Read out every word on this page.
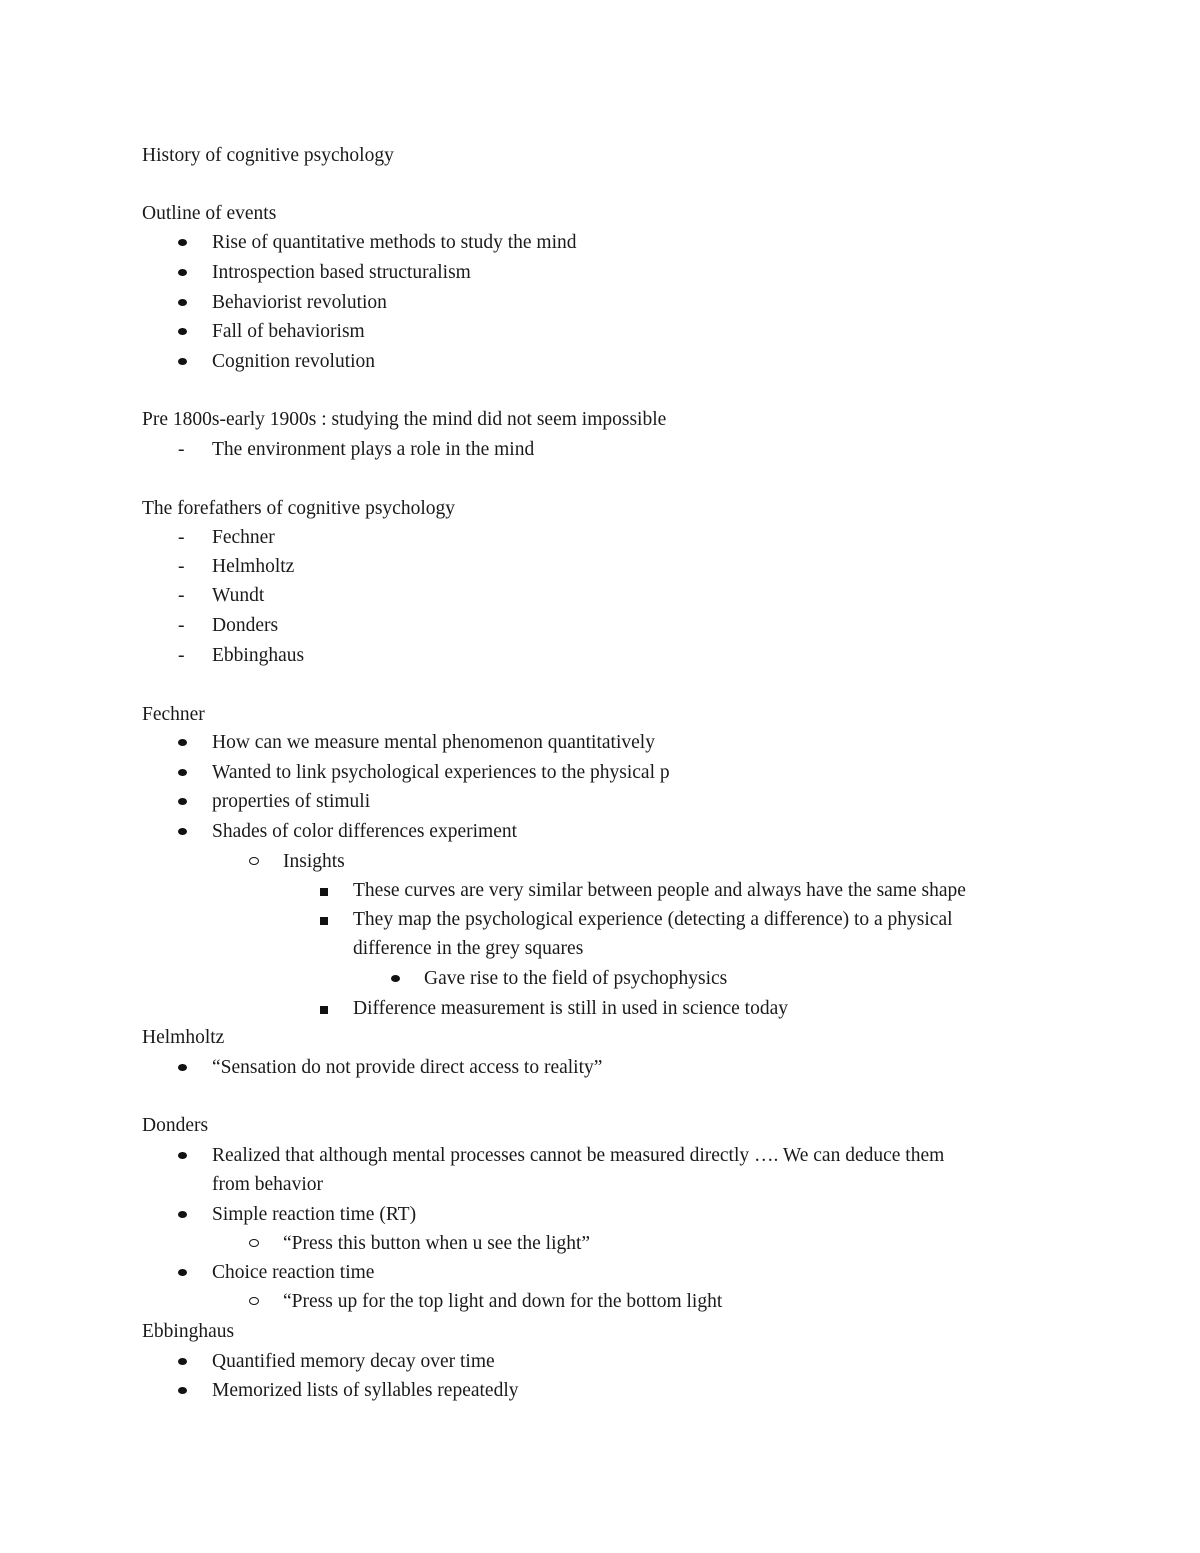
History of cognitive psychology
Outline of events
Rise of quantitative methods to study the mind
Introspection based structuralism
Behaviorist revolution
Fall of behaviorism
Cognition revolution
Pre 1800s-early 1900s : studying the mind did not seem impossible
- The environment plays a role in the mind
The forefathers of cognitive psychology
- Fechner
- Helmholtz
- Wundt
- Donders
- Ebbinghaus
Fechner
How can we measure mental phenomenon quantitatively
Wanted to link psychological experiences to the physical p
properties of stimuli
Shades of color differences experiment
Insights
These curves are very similar between people and always have the same shape
They map the psychological experience (detecting a difference) to a physical
difference in the grey squares
Gave rise to the field of psychophysics
Difference measurement is still in used in science today
Helmholtz
“Sensation do not provide direct access to reality”
Donders
Realized that although mental processes cannot be measured directly …. We can deduce them
from behavior
Simple reaction time (RT)
“Press this button when u see the light”
Choice reaction time
“Press up for the top light and down for the bottom light
Ebbinghaus
Quantified memory decay over time
Memorized lists of syllables repeatedly
